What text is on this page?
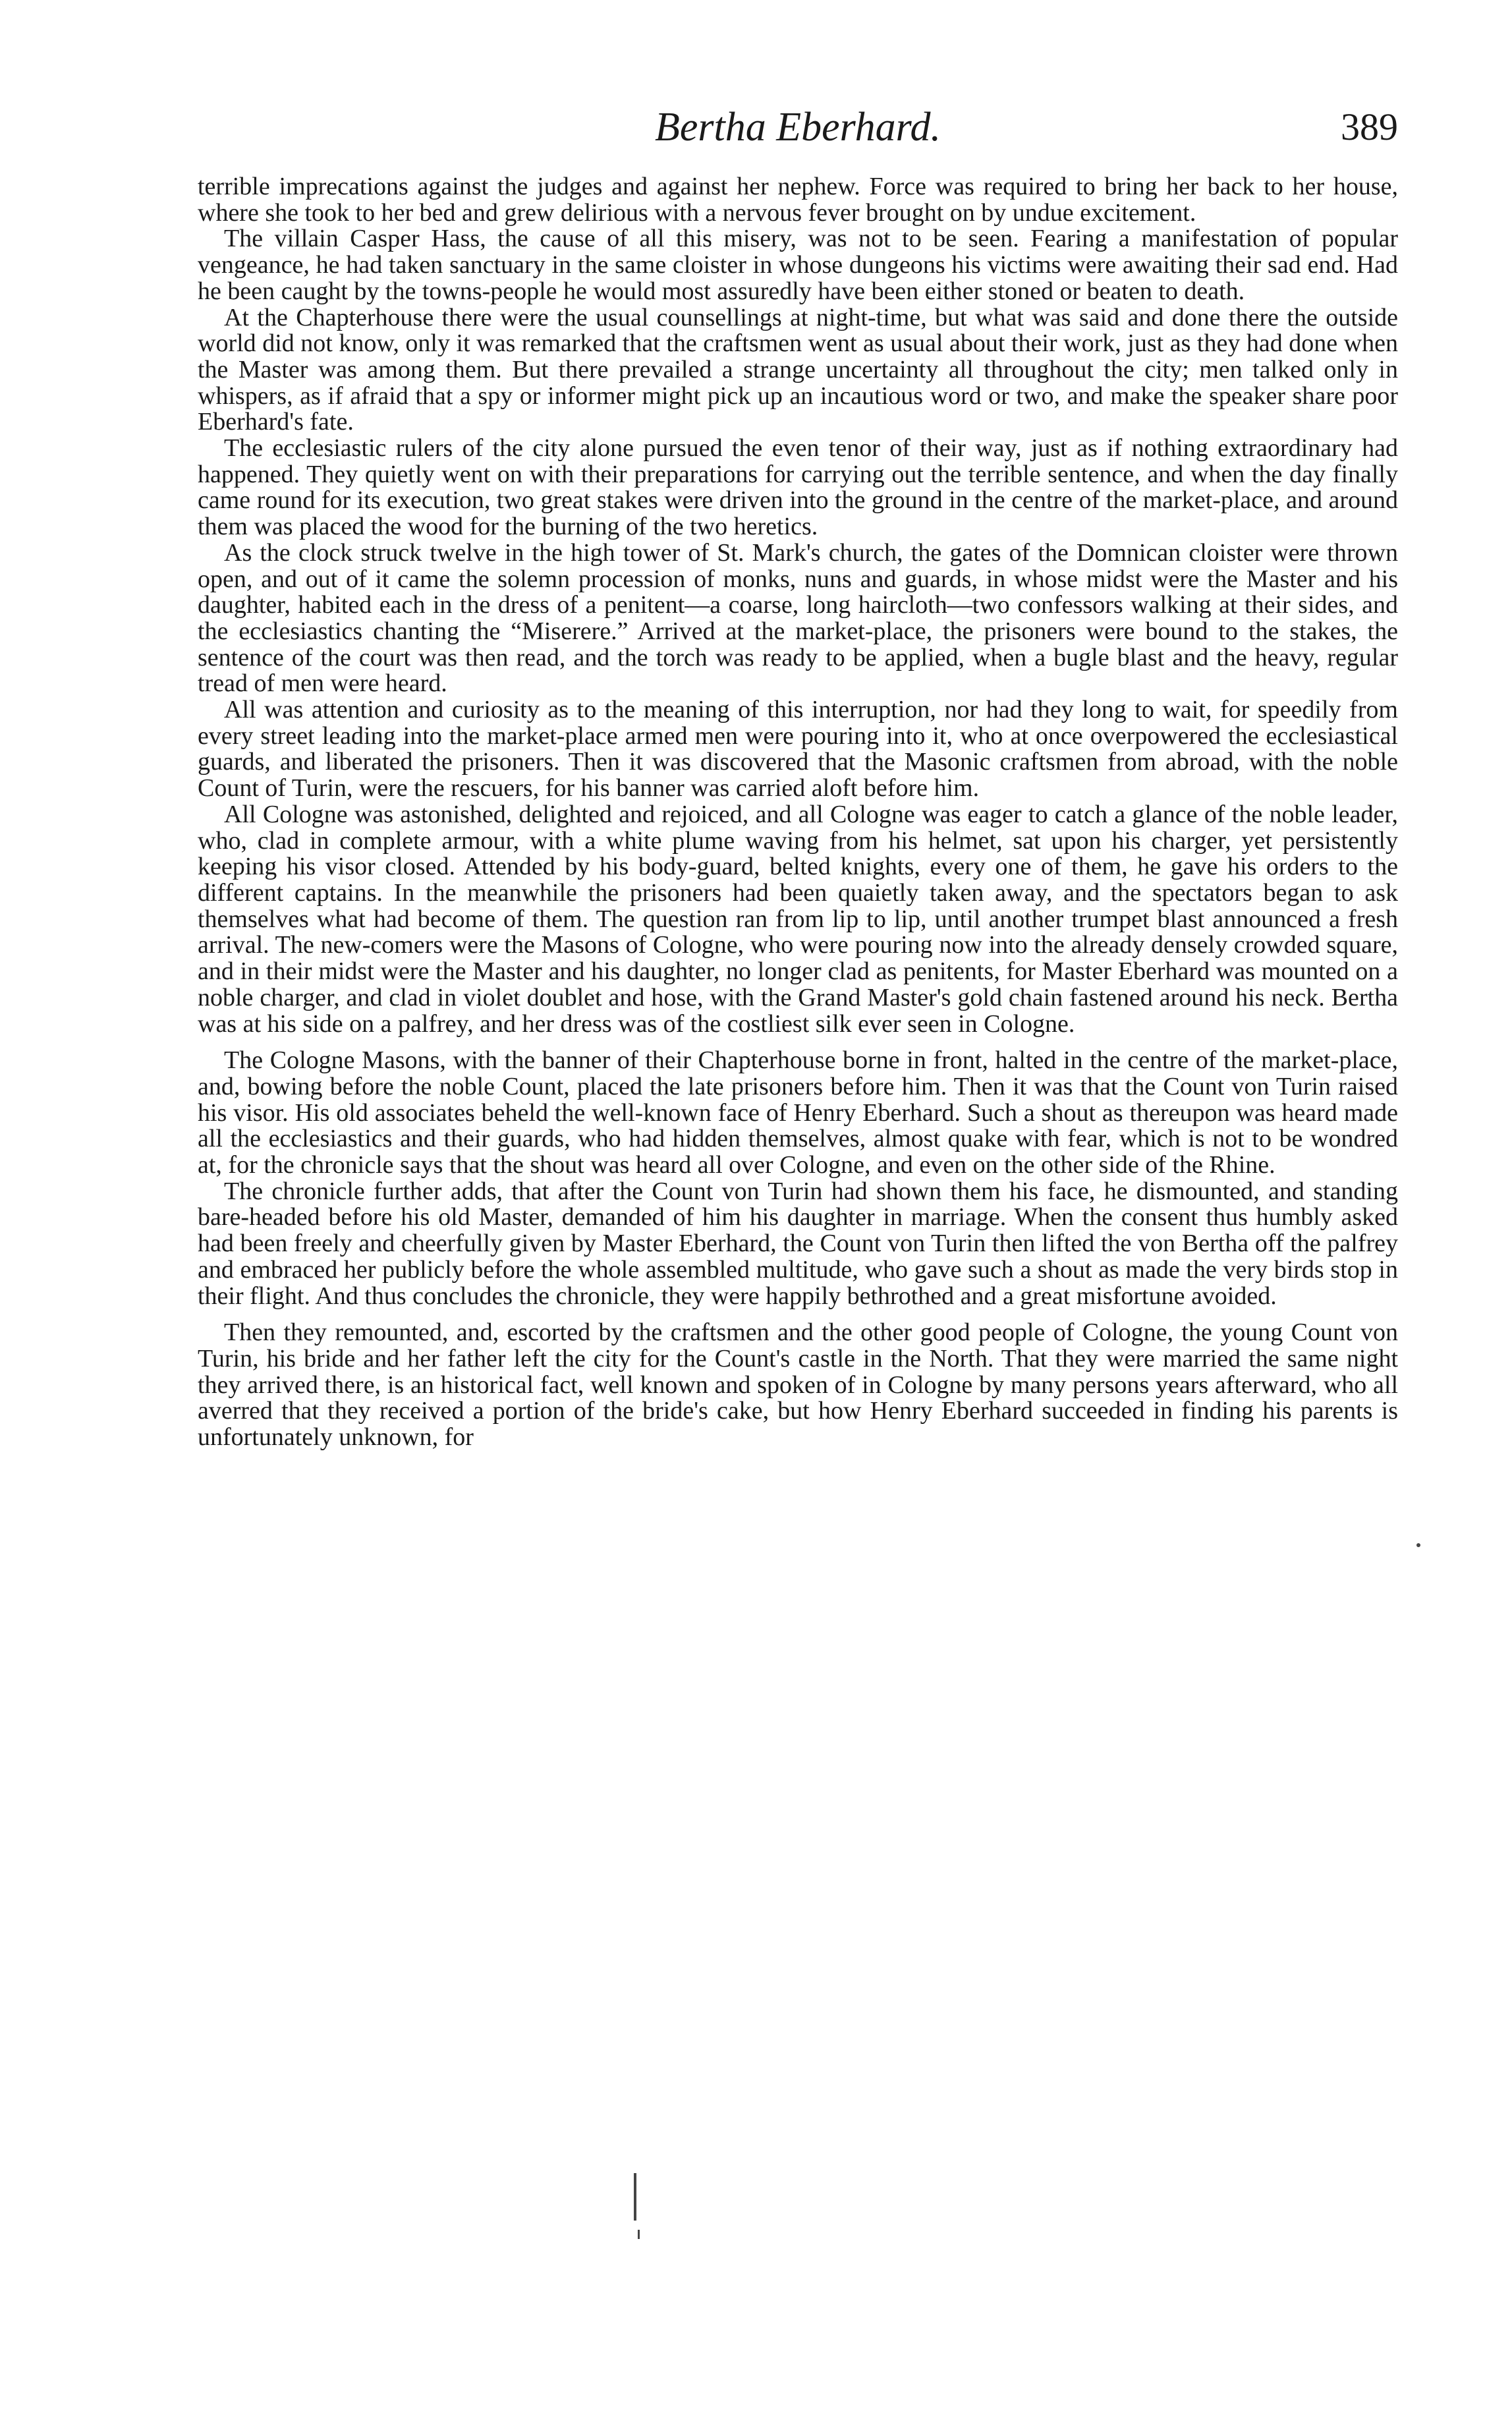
Bertha Eberhard.	389

terrible imprecations against the judges and against her nephew. Force was required to bring her back to her house, where she took to her bed and grew delirious with a nervous fever brought on by undue excitement.

The villain Casper Hass, the cause of all this misery, was not to be seen. Fearing a manifestation of popular vengeance, he had taken sanctuary in the same cloister in whose dungeons his victims were awaiting their sad end. Had he been caught by the towns-people he would most assuredly have been either stoned or beaten to death.

At the Chapterhouse there were the usual counsellings at night-time, but what was said and done there the outside world did not know, only it was remarked that the craftsmen went as usual about their work, just as they had done when the Master was among them. But there prevailed a strange uncertainty all throughout the city; men talked only in whispers, as if afraid that a spy or informer might pick up an incautious word or two, and make the speaker share poor Eberhard's fate.

The ecclesiastic rulers of the city alone pursued the even tenor of their way, just as if nothing extraordinary had happened. They quietly went on with their preparations for carrying out the terrible sentence, and when the day finally came round for its execution, two great stakes were driven into the ground in the centre of the market-place, and around them was placed the wood for the burning of the two heretics.

As the clock struck twelve in the high tower of St. Mark's church, the gates of the Domnican cloister were thrown open, and out of it came the solemn procession of monks, nuns and guards, in whose midst were the Master and his daughter, habited each in the dress of a penitent—a coarse, long haircloth—two confessors walking at their sides, and the ecclesiastics chanting the “Miserere.” Arrived at the market-place, the prisoners were bound to the stakes, the sentence of the court was then read, and the torch was ready to be applied, when a bugle blast and the heavy, regular tread of men were heard.

All was attention and curiosity as to the meaning of this interruption, nor had they long to wait, for speedily from every street leading into the market-place armed men were pouring into it, who at once overpowered the ecclesiastical guards, and liberated the prisoners. Then it was discovered that the Masonic craftsmen from abroad, with the noble Count of Turin, were the rescuers, for his banner was carried aloft before him.

All Cologne was astonished, delighted and rejoiced, and all Cologne was eager to catch a glance of the noble leader, who, clad in complete armour, with a white plume waving from his helmet, sat upon his charger, yet persistently keeping his visor closed. Attended by his body-guard, belted knights, every one of them, he gave his orders to the different captains. In the meanwhile the prisoners had been quaietly taken away, and the spectators began to ask themselves what had become of them. The question ran from lip to lip, until another trumpet blast announced a fresh arrival. The new-comers were the Masons of Cologne, who were pouring now into the already densely crowded square, and in their midst were the Master and his daughter, no longer clad as penitents, for Master Eberhard was mounted on a noble charger, and clad in violet doublet and hose, with the Grand Master's gold chain fastened around his neck. Bertha was at his side on a palfrey, and her dress was of the costliest silk ever seen in Cologne.

The Cologne Masons, with the banner of their Chapterhouse borne in front, halted in the centre of the market-place, and, bowing before the noble Count, placed the late prisoners before him. Then it was that the Count von Turin raised his visor. His old associates beheld the well-known face of Henry Eberhard. Such a shout as thereupon was heard made all the ecclesiastics and their guards, who had hidden themselves, almost quake with fear, which is not to be wondred at, for the chronicle says that the shout was heard all over Cologne, and even on the other side of the Rhine.

The chronicle further adds, that after the Count von Turin had shown them his face, he dismounted, and standing bare-headed before his old Master, demanded of him his daughter in marriage. When the consent thus humbly asked had been freely and cheerfully given by Master Eberhard, the Count von Turin then lifted the von Bertha off the palfrey and embraced her publicly before the whole assembled multitude, who gave such a shout as made the very birds stop in their flight. And thus concludes the chronicle, they were happily bethrothed and a great misfortune avoided.

Then they remounted, and, escorted by the craftsmen and the other good people of Cologne, the young Count von Turin, his bride and her father left the city for the Count's castle in the North. That they were married the same night they arrived there, is an historical fact, well known and spoken of in Cologne by many persons years afterward, who all averred that they received a portion of the bride's cake, but how Henry Eberhard succeeded in finding his parents is unfortunately unknown, for
